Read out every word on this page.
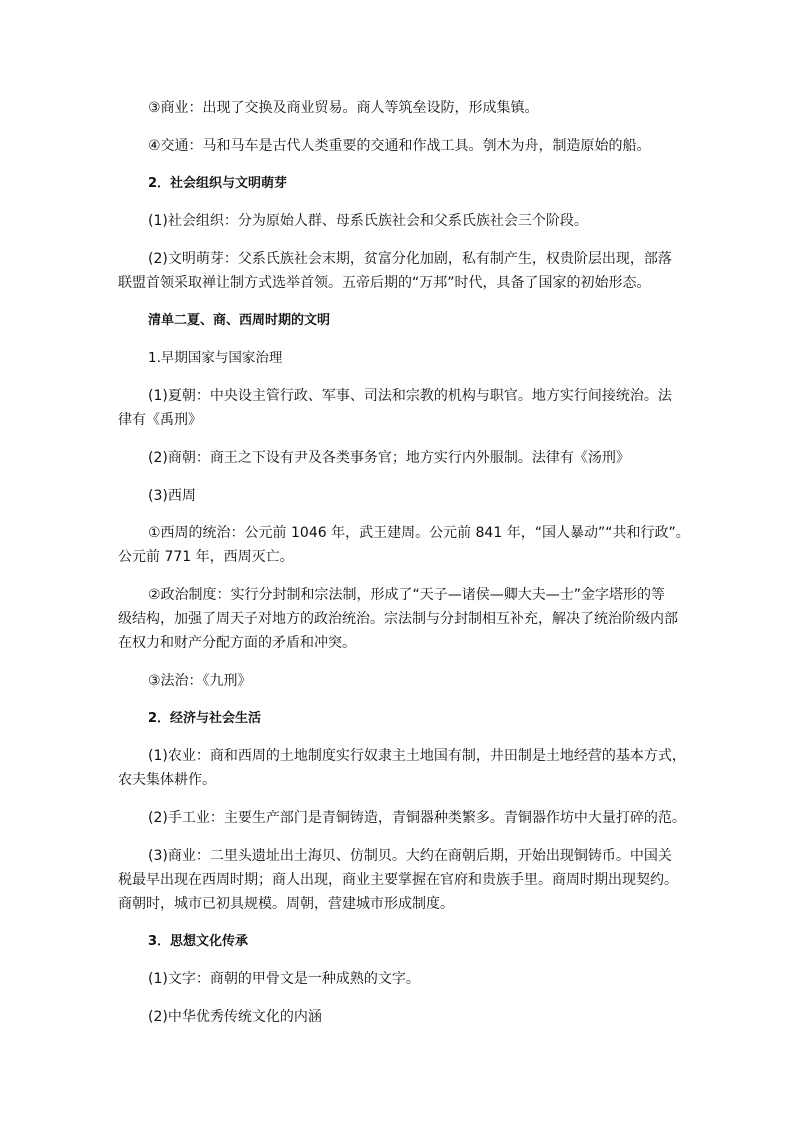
③商业：出现了交换及商业贸易。商人等筑垒设防，形成集镇。
④交通：马和马车是古代人类重要的交通和作战工具。刳木为舟，制造原始的船。
2．社会组织与文明萌芽
(1)社会组织：分为原始人群、母系氏族社会和父系氏族社会三个阶段。
(2)文明萌芽：父系氏族社会末期，贫富分化加剧，私有制产生，权贵阶层出现，部落
联盟首领采取禅让制方式选举首领。五帝后期的“万邦”时代，具备了国家的初始形态。
清单二夏、商、西周时期的文明
1.早期国家与国家治理
(1)夏朝：中央设主管行政、军事、司法和宗教的机构与职官。地方实行间接统治。法
律有《禹刑》
(2)商朝：商王之下设有尹及各类事务官；地方实行内外服制。法律有《汤刑》
(3)西周
①西周的统治：公元前 1046 年，武王建周。公元前 841 年，“国人暴动”“共和行政”。
公元前 771 年，西周灭亡。
②政治制度：实行分封制和宗法制，形成了“天子—诸侯—卿大夫—士”金字塔形的等
级结构，加强了周天子对地方的政治统治。宗法制与分封制相互补充，解决了统治阶级内部
在权力和财产分配方面的矛盾和冲突。
③法治：《九刑》
2．经济与社会生活
(1)农业：商和西周的土地制度实行奴隶主土地国有制，井田制是土地经营的基本方式，
农夫集体耕作。
(2)手工业：主要生产部门是青铜铸造，青铜器种类繁多。青铜器作坊中大量打碎的范。
(3)商业：二里头遗址出土海贝、仿制贝。大约在商朝后期，开始出现铜铸币。中国关
税最早出现在西周时期；商人出现，商业主要掌握在官府和贵族手里。商周时期出现契约。
商朝时，城市已初具规模。周朝，营建城市形成制度。
3．思想文化传承
(1)文字：商朝的甲骨文是一种成熟的文字。
(2)中华优秀传统文化的内涵
